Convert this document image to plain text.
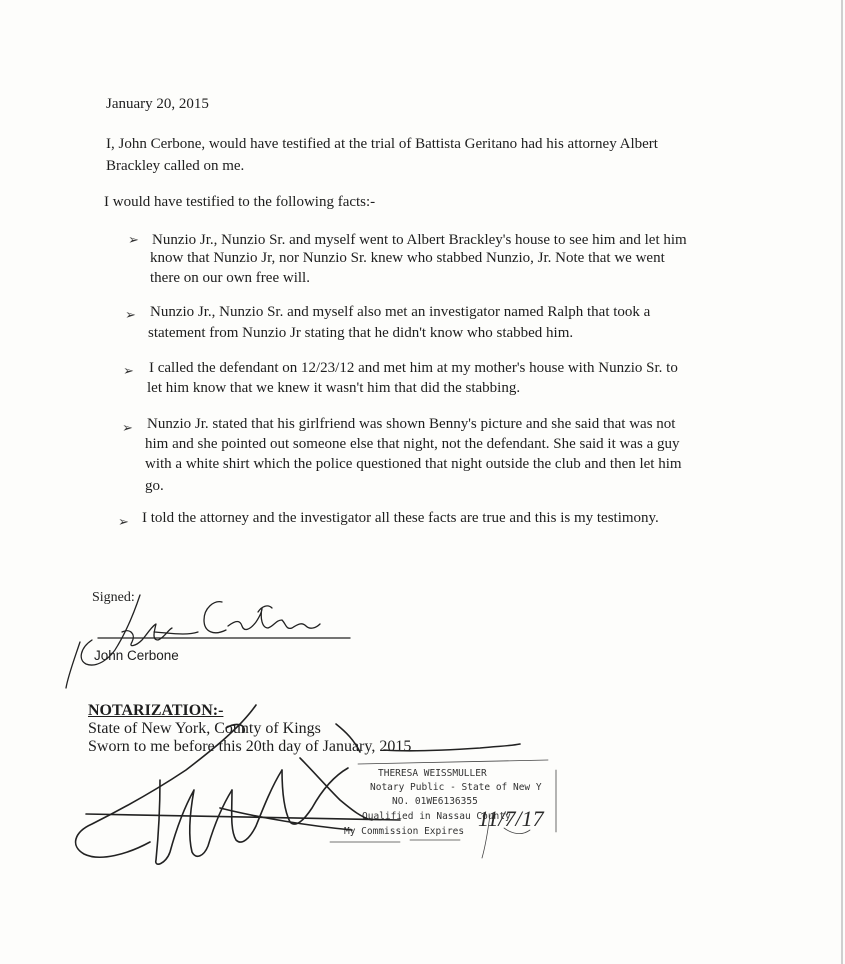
January 20, 2015
I, John Cerbone, would have testified at the trial of Battista Geritano had his attorney Albert
Brackley called on me.
I would have testified to the following facts:-
➢ Nunzio Jr., Nunzio Sr. and myself went to Albert Brackley's house to see him and let him
know that Nunzio Jr, nor Nunzio Sr. knew who stabbed Nunzio, Jr. Note that we went
there on our own free will.
➢ Nunzio Jr., Nunzio Sr. and myself also met an investigator named Ralph that took a
statement from Nunzio Jr stating that he didn't know who stabbed him.
➢ I called the defendant on 12/23/12 and met him at my mother's house with Nunzio Sr. to
let him know that we knew it wasn't him that did the stabbing.
➢ Nunzio Jr. stated that his girlfriend was shown Benny's picture and she said that was not
him and she pointed out someone else that night, not the defendant. She said it was a guy
with a white shirt which the police questioned that night outside the club and then let him
go.
➢ I told the attorney and the investigator all these facts are true and this is my testimony.
Signed:
John Cerbone
NOTARIZATION:-
State of New York, County of Kings
Sworn to me before this 20th day of January, 2015
THERESA WEISSMULLER
Notary Public - State of New Y
NO. 01WE6136355
Qualified in Nassau County
My Commission Expires
11/7/17
